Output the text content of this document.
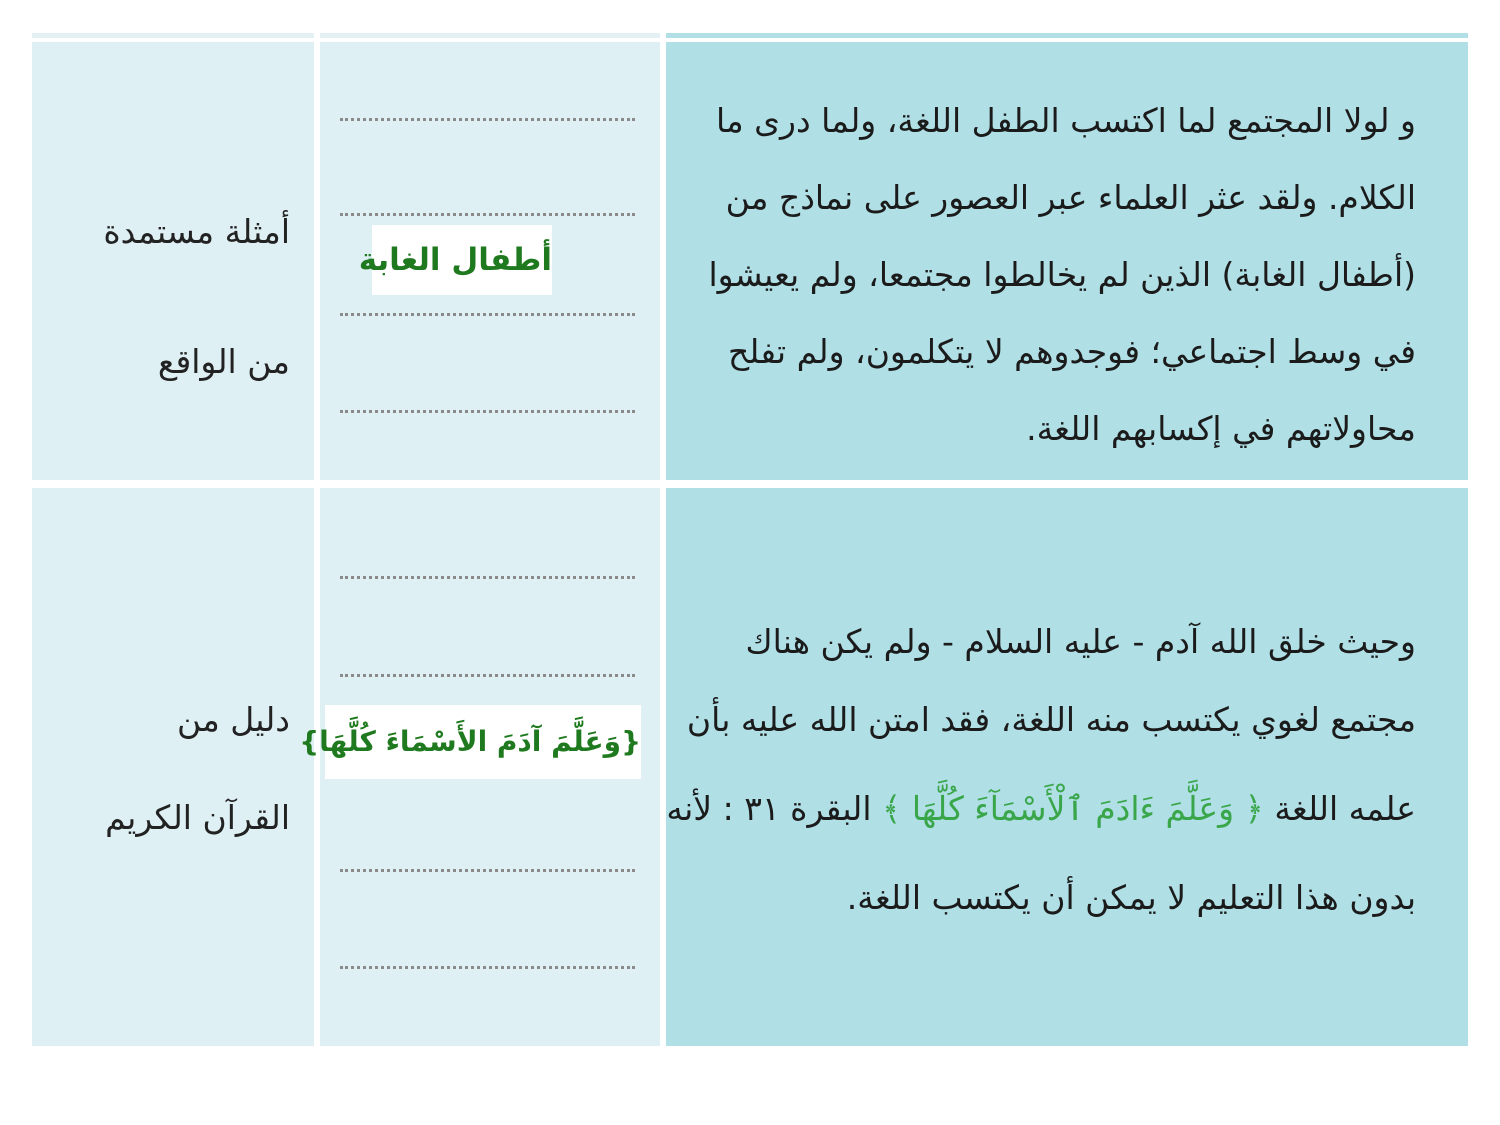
أمثلة مستمدة
من الواقع
أطفال الغابة
و لولا المجتمع لما اكتسب الطفل اللغة، ولما درى ما
الكلام. ولقد عثر العلماء عبر العصور على نماذج من
(أطفال الغابة) الذين لم يخالطوا مجتمعا، ولم يعيشوا
في وسط اجتماعي؛ فوجدوهم لا يتكلمون، ولم تفلح
محاولاتهم في إكسابهم اللغة.
دليل من
القرآن الكريم
{وَعَلَّمَ آدَمَ الأَسْمَاءَ كُلَّهَا}
وحيث خلق الله آدم - عليه السلام - ولم يكن هناك
مجتمع لغوي يكتسب منه اللغة، فقد امتن الله عليه بأن
علمه اللغة ﴿ وَعَلَّمَ ءَادَمَ ٱلْأَسْمَآءَ كُلَّهَا ﴾ البقرة ٣١ : لأنه
بدون هذا التعليم لا يمكن أن يكتسب اللغة.
